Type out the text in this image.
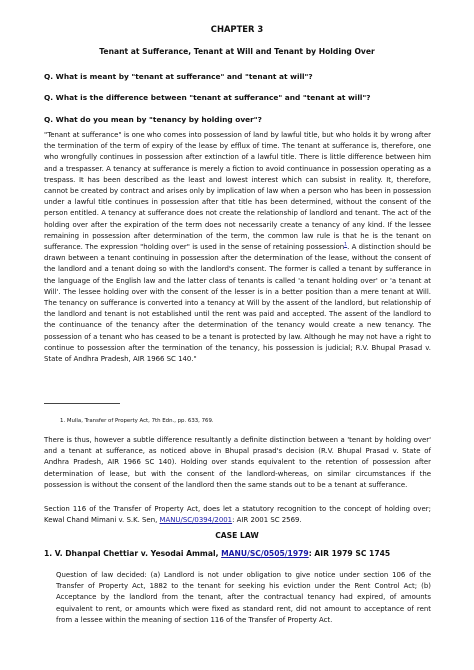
CHAPTER 3
Tenant at Sufferance, Tenant at Will and Tenant by Holding Over
Q. What is meant by "tenant at sufferance" and "tenant at will"?
Q. What is the difference between "tenant at sufferance" and "tenant at will"?
Q. What do you mean by "tenancy by holding over"?

"Tenant at sufferance" is one who comes into possession of land by lawful title, but who holds it by wrong after the termination of the term of expiry of the lease by efflux of time. The tenant at sufferance is, therefore, one who wrongfully continues in possession after extinction of a lawful title. There is little difference between him and a trespasser. A tenancy at sufferance is merely a fiction to avoid continuance in possession operating as a trespass. It has been described as the least and lowest interest which can subsist in reality. It, therefore, cannot be created by contract and arises only by implication of law when a person who has been in possession under a lawful title continues in possession after that title has been determined, without the consent of the person entitled. A tenancy at sufferance does not create the relationship of landlord and tenant. The act of the holding over after the expiration of the term does not necessarily create a tenancy of any kind. If the lessee remaining in possession after determination of the term, the common law rule is that he is the tenant on sufferance. The expression "holding over" is used in the sense of retaining possession$^1$. A distinction should be drawn between a tenant continuing in possession after the determination of the lease, without the consent of the landlord and a tenant doing so with the landlord's consent. The former is called a tenant by sufferance in the language of the English law and the latter class of tenants is called 'a tenant holding over' or 'a tenant at Will'. The lessee holding over with the consent of the lesser is in a better position than a mere tenant at Will. The tenancy on sufferance is converted into a tenancy at Will by the assent of the landlord, but relationship of the landlord and tenant is not established until the rent was paid and accepted. The assent of the landlord to the continuance of the tenancy after the determination of the tenancy would create a new tenancy. The possession of a tenant who has ceased to be a tenant is protected by law. Although he may not have a right to continue to possession after the termination of the tenancy, his possession is judicial; R.V. Bhupal Prasad v. State of Andhra Pradesh, AIR 1966 SC 140."

1. Mulla, Transfer of Property Act, 7th Edn., pp. 633, 769.

There is thus, however a subtle difference resultantly a definite distinction between a 'tenant by holding over' and a tenant at sufferance, as noticed above in Bhupal prasad's decision (R.V. Bhupal Prasad v. State of Andhra Pradesh, AIR 1966 SC 140). Holding over stands equivalent to the retention of possession after determination of lease, but with the consent of the landlord-whereas, on similar circumstances if the possession is without the consent of the landlord then the same stands out to be a tenant at sufferance.

Section 116 of the Transfer of Property Act, does let a statutory recognition to the concept of holding over; Kewal Chand Mimani v. S.K. Sen, MANU/SC/0394/2001: AIR 2001 SC 2569.

CASE LAW
1. V. Dhanpal Chettiar v. Yesodai Ammal, MANU/SC/0505/1979: AIR 1979 SC 1745

Question of law decided: (a) Landlord is not under obligation to give notice under section 106 of the Transfer of Property Act, 1882 to the tenant for seeking his eviction under the Rent Control Act; (b) Acceptance by the landlord from the tenant, after the contractual tenancy had expired, of amounts equivalent to rent, or amounts which were fixed as standard rent, did not amount to acceptance of rent from a lessee within the meaning of section 116 of the Transfer of Property Act.
